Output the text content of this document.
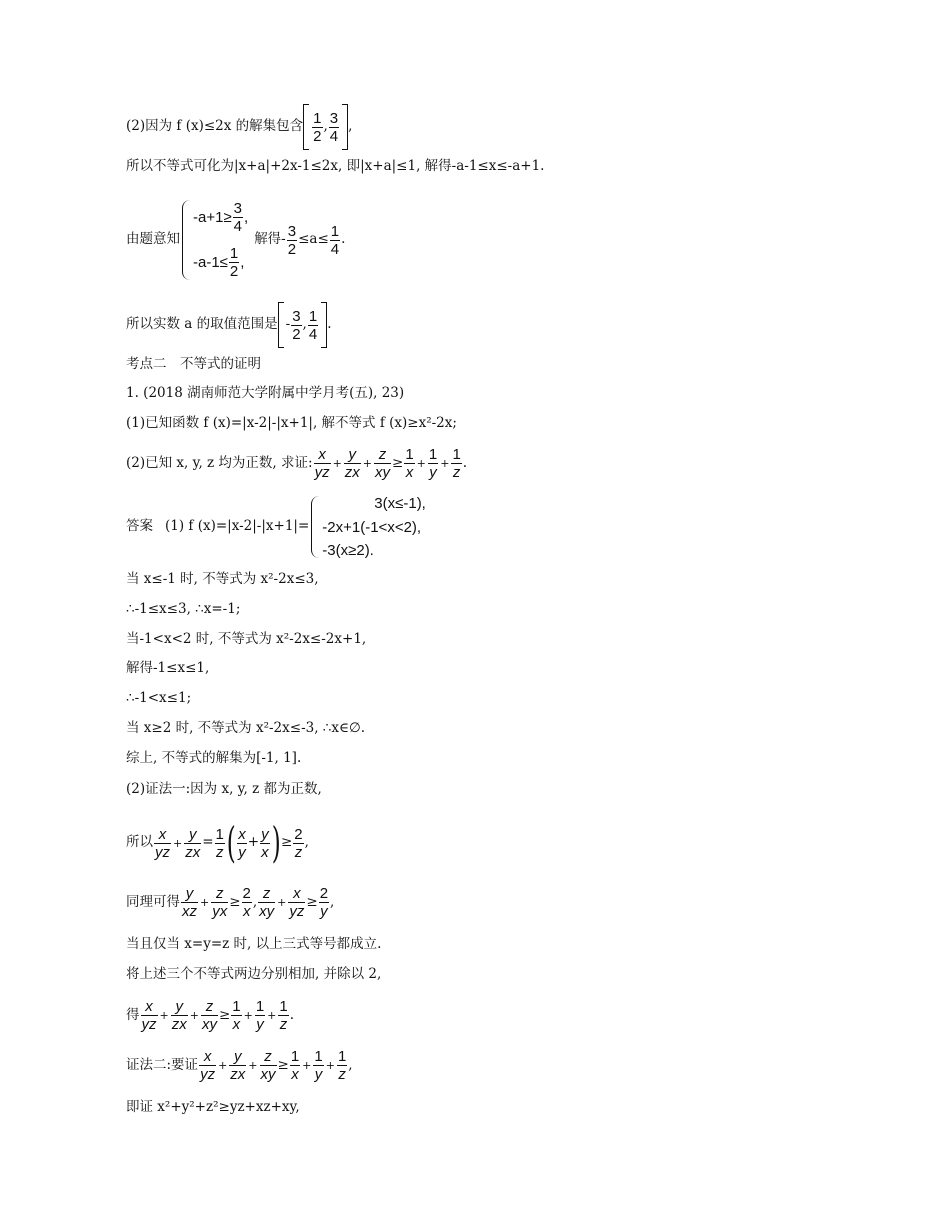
(2)因为 f (x)≤2x 的解集包含 $\frac{1}{2}$ , $\frac{3}{4}$ ,
所以不等式可化为|x+a|+2x-1≤2x, 即|x+a|≤1, 解得-a-1≤x≤-a+1.
由题意知
$-a+1\ge \frac{3}{4}$ ,
$-a-1\le \frac{1}{2}$ ,
解得- $\frac{3}{2} \le a\le \frac{1}{4}$ .
所以实数 a 的取值范围是 - $\frac{3}{2}$ , $\frac{1}{4}$ .
考点二　不等式的证明
1. (2018 湖南师范大学附属中学月考(五), 23)
(1)已知函数 f (x)=|x-2|-|x+1|, 解不等式 f (x)≥x²-2x;
(2)已知 x, y, z 均为正数, 求证: $\frac{x}{yz} + \frac{y}{zx} + \frac{z}{xy} \ge \frac{1}{x} + \frac{1}{y} + \frac{1}{z}$ .
答案 (1) f (x)=|x-2|-|x+1|=
3(x≤-1),
-2x+1(-1<x<2),
-3(x≥2).
当 x≤-1 时, 不等式为 x²-2x≤3,
∴-1≤x≤3, ∴x=-1;
当-1<x<2 时, 不等式为 x²-2x≤-2x+1,
解得-1≤x≤1,
∴-1<x≤1;
当 x≥2 时, 不等式为 x²-2x≤-3, ∴x∈∅.
综上, 不等式的解集为[-1, 1].
(2)证法一:因为 x, y, z 都为正数,
所以 $\frac{x}{yz} + \frac{y}{zx} = \frac{1}{z}$ ( $\frac{x}{y} + \frac{y}{x}$ ) ≥ $\frac{2}{z}$ ,
同理可得 $\frac{y}{xz} + \frac{z}{yx} \ge \frac{2}{x}$ , $\frac{z}{xy} + \frac{x}{yz} \ge \frac{2}{y}$ ,
当且仅当 x=y=z 时, 以上三式等号都成立.
将上述三个不等式两边分别相加, 并除以 2,
得 $\frac{x}{yz} + \frac{y}{zx} + \frac{z}{xy} \ge \frac{1}{x} + \frac{1}{y} + \frac{1}{z}$ .
证法二:要证 $\frac{x}{yz} + \frac{y}{zx} + \frac{z}{xy} \ge \frac{1}{x} + \frac{1}{y} + \frac{1}{z}$ ,
即证 x²+y²+z²≥yz+xz+xy,
